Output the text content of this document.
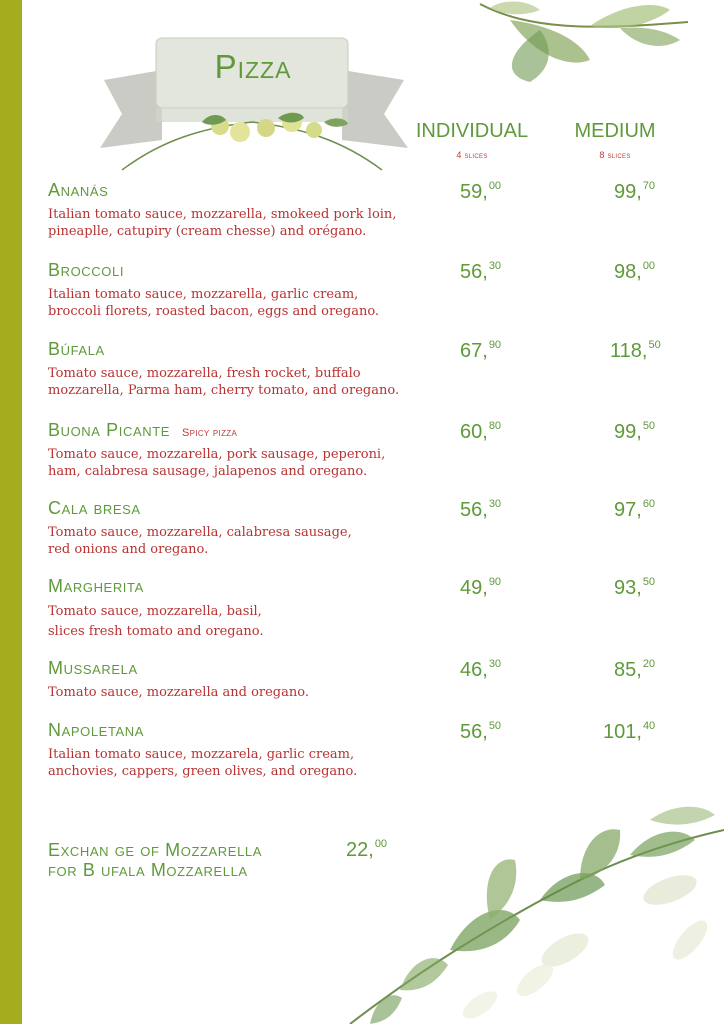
Pizza
INDIVIDUAL
4 slices
MEDIUM
8 slices
Ananás
Italian tomato sauce, mozzarella, smokeed pork loin,
pineaplle, catupiry (cream chesse) and orégano.
59,00	99,70
Broccoli
Italian tomato sauce, mozzarella, garlic cream,
broccoli florets, roasted bacon, eggs and oregano.
56,30	98,00
Búfala
Tomato sauce, mozzarella, fresh rocket, buffalo
mozzarella, Parma ham, cherry tomato, and oregano.
67,90	118,50
Buona Picante Spicy pizza
Tomato sauce, mozzarella, pork sausage, peperoni,
ham, calabresa sausage, jalapenos and oregano.
60,80	99,50
Cala bresa
Tomato sauce, mozzarella, calabresa sausage,
red onions and oregano.
56,30	97,60
Margherita
Tomato sauce, mozzarella, basil,
slices fresh tomato and oregano.
49,90	93,50
Mussarela
Tomato sauce, mozzarella and oregano.
46,30	85,20
Napoletana
Italian tomato sauce, mozzarela, garlic cream,
anchovies, cappers, green olives, and oregano.
56,50	101,40
Exchan ge of Mozzarella
for B ufala Mozzarella
22,00
